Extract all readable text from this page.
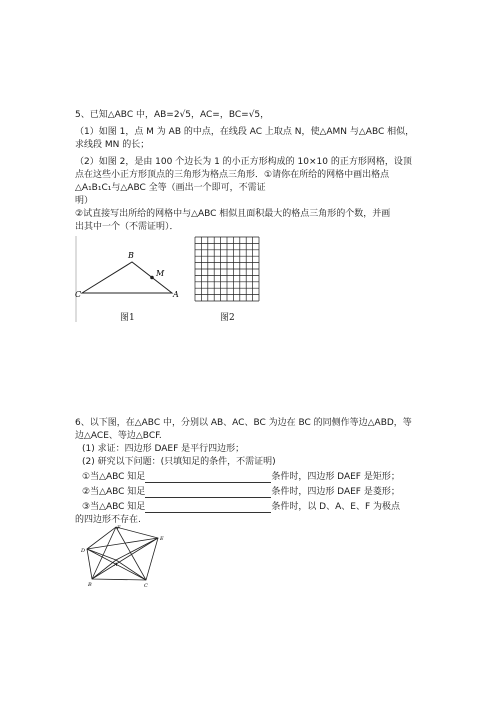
5、已知△ABC 中，AB=2√5，AC=，BC=√5，
（1）如图 1，点 M 为 AB 的中点，在线段 AC 上取点 N，使△AMN 与△ABC 相似，
求线段 MN 的长；
（2）如图 2，是由 100 个边长为 1 的小正方形构成的 10×10 的正方形网格，设顶
点在这些小正方形顶点的三角形为格点三角形．①请你在所给的网格中画出格点
△A₁B₁C₁与△ABC 全等（画出一个即可，不需证
明）
②试直接写出所给的网格中与△ABC 相似且面积最大的格点三角形的个数，并画
出其中一个（不需证明）．
B
M
C	A
图1	图2
6、以下图，在△ABC 中，分别以 AB、AC、BC 为边在 BC 的同侧作等边△ABD，等
边△ACE、等边△BCF.
(1) 求证：四边形 DAEF 是平行四边形；
(2) 研究以下问题：(只填知足的条件，不需证明)
①当△ABC 知足	条件时，四边形 DAEF 是矩形；
②当△ABC 知足	条件时，四边形 DAEF 是菱形；
③当△ABC 知足	条件时，以 D、A、E、F 为极点
的四边形不存在.
F
D
E
A
B	C
